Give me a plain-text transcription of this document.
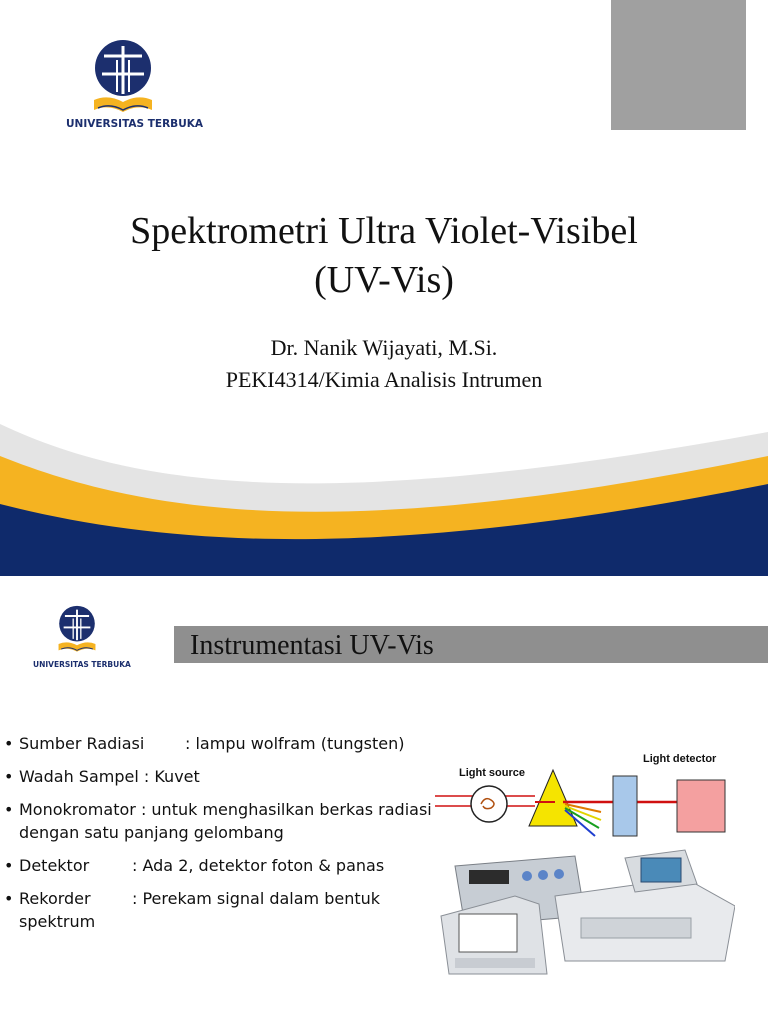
UNIVERSITAS TERBUKA
Spektrometri Ultra Violet-Visibel
(UV-Vis)
Dr. Nanik Wijayati, M.Si.
PEKI4314/Kimia Analisis Intrumen
UNIVERSITAS TERBUKA
Instrumentasi UV-Vis
• Sumber Radiasi	: lampu wolfram (tungsten)
• Wadah Sampel : Kuvet
• Monokromator : untuk menghasilkan berkas radiasi dengan satu panjang gelombang
• Detektor	: Ada 2, detektor foton & panas
• Rekorder	: Perekam signal dalam bentuk spektrum
Light source
Light detector
